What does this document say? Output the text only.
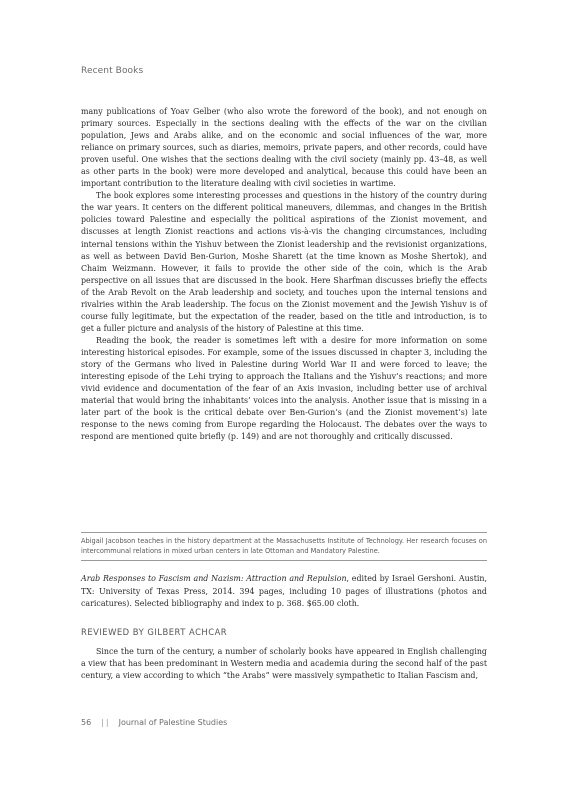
Recent Books

many publications of Yoav Gelber (who also wrote the foreword of the book), and not enough on primary sources. Especially in the sections dealing with the effects of the war on the civilian population, Jews and Arabs alike, and on the economic and social influences of the war, more reliance on primary sources, such as diaries, memoirs, private papers, and other records, could have proven useful. One wishes that the sections dealing with the civil society (mainly pp. 43–48, as well as other parts in the book) were more developed and analytical, because this could have been an important contribution to the literature dealing with civil societies in wartime.

The book explores some interesting processes and questions in the history of the country during the war years. It centers on the different political maneuvers, dilemmas, and changes in the British policies toward Palestine and especially the political aspirations of the Zionist movement, and discusses at length Zionist reactions and actions vis-à-vis the changing circumstances, including internal tensions within the Yishuv between the Zionist leadership and the revisionist organizations, as well as between David Ben-Gurion, Moshe Sharett (at the time known as Moshe Shertok), and Chaim Weizmann. However, it fails to provide the other side of the coin, which is the Arab perspective on all issues that are discussed in the book. Here Sharfman discusses briefly the effects of the Arab Revolt on the Arab leadership and society, and touches upon the internal tensions and rivalries within the Arab leadership. The focus on the Zionist movement and the Jewish Yishuv is of course fully legitimate, but the expectation of the reader, based on the title and introduction, is to get a fuller picture and analysis of the history of Palestine at this time.

Reading the book, the reader is sometimes left with a desire for more information on some interesting historical episodes. For example, some of the issues discussed in chapter 3, including the story of the Germans who lived in Palestine during World War II and were forced to leave; the interesting episode of the Lehi trying to approach the Italians and the Yishuv’s reactions; and more vivid evidence and documentation of the fear of an Axis invasion, including better use of archival material that would bring the inhabitants’ voices into the analysis. Another issue that is missing in a later part of the book is the critical debate over Ben-Gurion’s (and the Zionist movement’s) late response to the news coming from Europe regarding the Holocaust. The debates over the ways to respond are mentioned quite briefly (p. 149) and are not thoroughly and critically discussed.

Abigail Jacobson teaches in the history department at the Massachusetts Institute of Technology. Her research focuses on intercommunal relations in mixed urban centers in late Ottoman and Mandatory Palestine.
Arab Responses to Fascism and Nazism: Attraction and Repulsion, edited by Israel Gershoni. Austin, TX: University of Texas Press, 2014. 394 pages, including 10 pages of illustrations (photos and caricatures). Selected bibliography and index to p. 368. $65.00 cloth.
REVIEWED BY GILBERT ACHCAR

Since the turn of the century, a number of scholarly books have appeared in English challenging a view that has been predominant in Western media and academia during the second half of the past century, a view according to which “the Arabs” were massively sympathetic to Italian Fascism and,

56 || Journal of Palestine Studies
